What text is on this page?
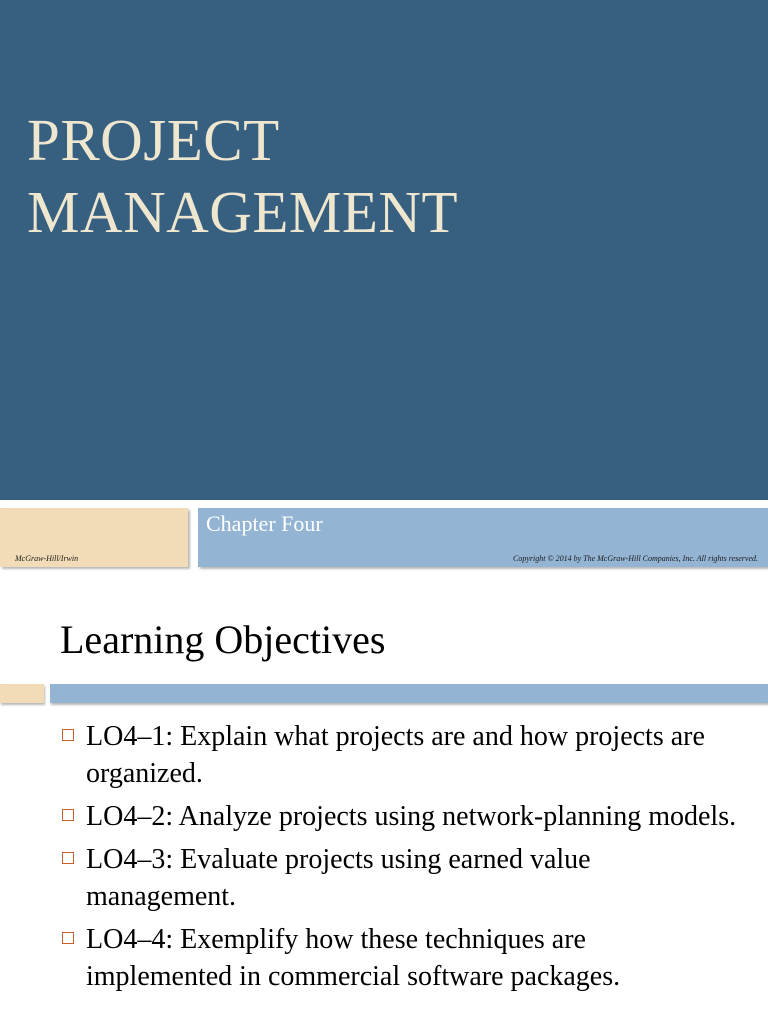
PROJECT
MANAGEMENT
Chapter Four
McGraw-Hill/Irwin	Copyright © 2014 by The McGraw-Hill Companies, Inc. All rights reserved.
Learning Objectives
LO4–1: Explain what projects are and how projects are organized.
LO4–2: Analyze projects using network-planning models.
LO4–3: Evaluate projects using earned value management.
LO4–4: Exemplify how these techniques are implemented in commercial software packages.
